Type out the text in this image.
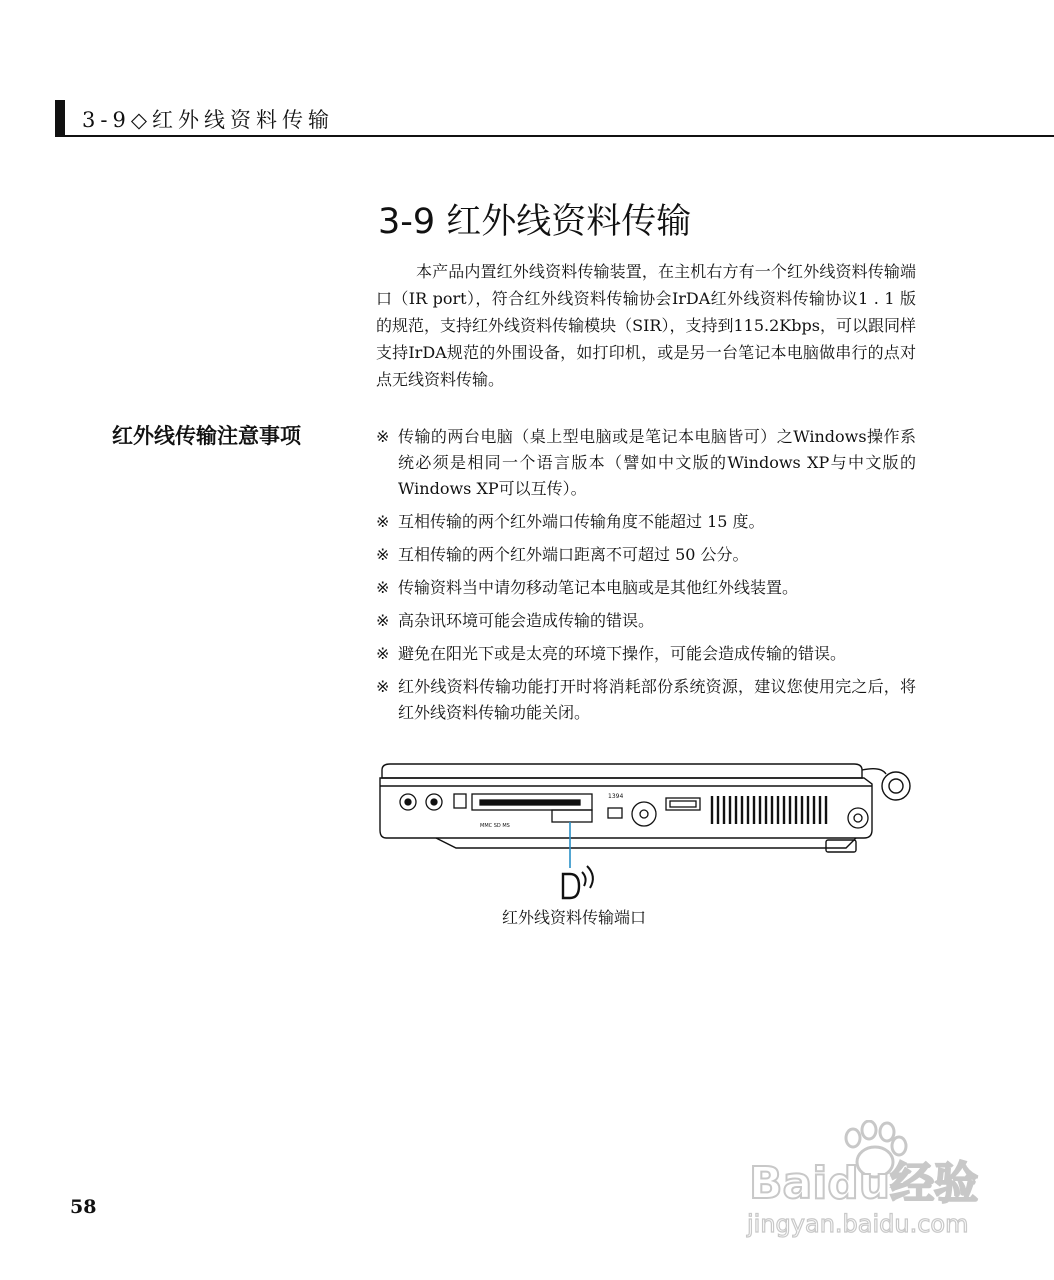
3-9◇红外线资料传输
3-9 红外线资料传输

本产品内置红外线资料传输装置，在主机右方有一个红外线资料传输端口（IR port），符合红外线资料传输协会IrDA红外线资料传输协议1 . 1 版的规范，支持红外线资料传输模块（SIR），支持到115.2Kbps，可以跟同样支持IrDA规范的外围设备，如打印机，或是另一台笔记本电脑做串行的点对点无线资料传输。

红外线传输注意事项	※ 传输的两台电脑（桌上型电脑或是笔记本电脑皆可）之Windows操作系统必须是相同一个语言版本（譬如中文版的Windows XP与中文版的Windows XP可以互传）。
※ 互相传输的两个红外端口传输角度不能超过 15 度。
※ 互相传输的两个红外端口距离不可超过 50 公分。
※ 传输资料当中请勿移动笔记本电脑或是其他红外线装置。
※ 高杂讯环境可能会造成传输的错误。
※ 避免在阳光下或是太亮的环境下操作，可能会造成传输的错误。
※ 红外线资料传输功能打开时将消耗部份系统资源，建议您使用完之后，将红外线资料传输功能关闭。
MMC SD MS
1394
红外线资料传输端口
58	Baidu经验
jingyan.baidu.com
